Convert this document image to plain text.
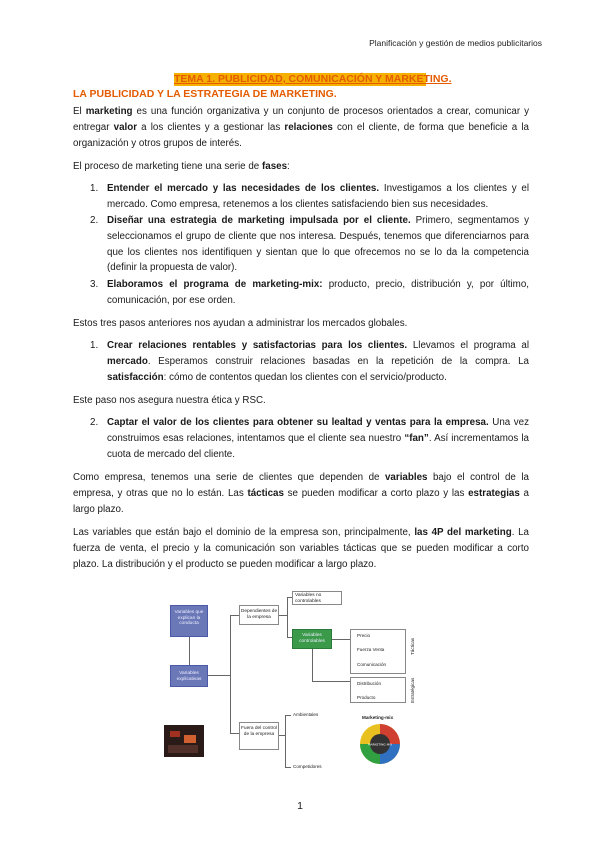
Planificación y gestión de medios publicitarios
TEMA 1. PUBLICIDAD, COMUNICACIÓN Y MARKETING.
LA PUBLICIDAD Y LA ESTRATEGIA DE MARKETING.

El marketing es una función organizativa y un conjunto de procesos orientados a crear, comunicar y entregar valor a los clientes y a gestionar las relaciones con el cliente, de forma que beneficie a la organización y otros grupos de interés.

El proceso de marketing tiene una serie de fases:

1. Entender el mercado y las necesidades de los clientes. Investigamos a los clientes y el mercado. Como empresa, retenemos a los clientes satisfaciendo bien sus necesidades.

2. Diseñar una estrategia de marketing impulsada por el cliente. Primero, segmentamos y seleccionamos el grupo de cliente que nos interesa. Después, tenemos que diferenciarnos para que los clientes nos identifiquen y sientan que lo que ofrecemos no se lo da la competencia (definir la propuesta de valor).

3. Elaboramos el programa de marketing-mix: producto, precio, distribución y, por último, comunicación, por ese orden.

Estos tres pasos anteriores nos ayudan a administrar los mercados globales.

1. Crear relaciones rentables y satisfactorias para los clientes. Llevamos el programa al mercado. Esperamos construir relaciones basadas en la repetición de la compra. La satisfacción: cómo de contentos quedan los clientes con el servicio/producto.

Este paso nos asegura nuestra ética y RSC.

2. Captar el valor de los clientes para obtener su lealtad y ventas para la empresa. Una vez construimos esas relaciones, intentamos que el cliente sea nuestro “fan”. Así incrementamos la cuota de mercado del cliente.

Como empresa, tenemos una serie de clientes que dependen de variables bajo el control de la empresa, y otras que no lo están. Las tácticas se pueden modificar a corto plazo y las estrategias a largo plazo.

Las variables que están bajo el dominio de la empresa son, principalmente, las 4P del marketing. La fuerza de venta, el precio y la comunicación son variables tácticas que se pueden modificar a corto plazo. La distribución y el producto se pueden modificar a largo plazo.

Variables que explican la conducta
Variables explicativas
Dependientes de la empresa
Fuera del control de la empresa
Variables no controlables
Variables controlables
Precio
Fuerza Venta
Comunicación
Distribución
Producto
Tácticas
Estratégicas
Ambientales
Competidores
Marketing-mix
MARKETING MIX
1
